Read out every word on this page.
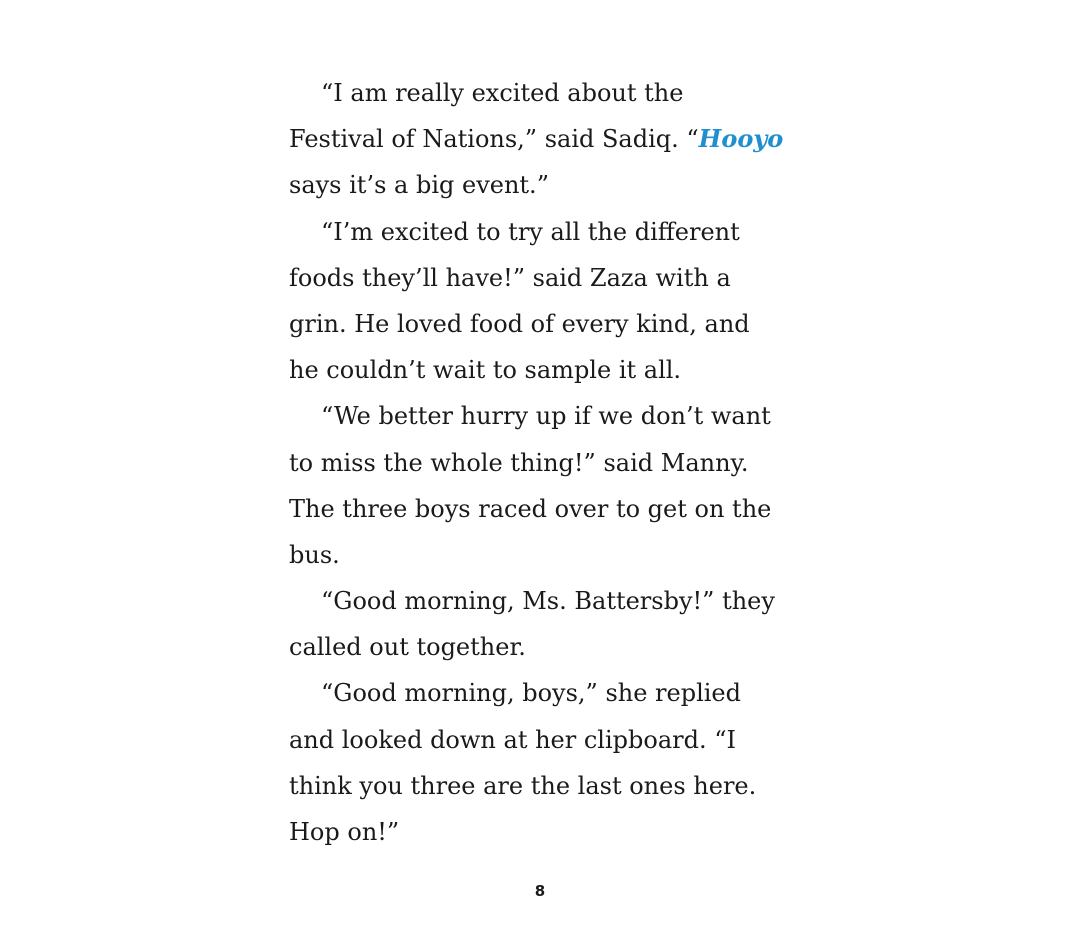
“I am really excited about the
Festival of Nations,” said Sadiq. “Hooyo
says it’s a big event.”

“I’m excited to try all the different
foods they’ll have!” said Zaza with a
grin. He loved food of every kind, and
he couldn’t wait to sample it all.

“We better hurry up if we don’t want
to miss the whole thing!” said Manny.
The three boys raced over to get on the
bus.

“Good morning, Ms. Battersby!” they
called out together.

“Good morning, boys,” she replied
and looked down at her clipboard. “I
think you three are the last ones here.
Hop on!”

8
